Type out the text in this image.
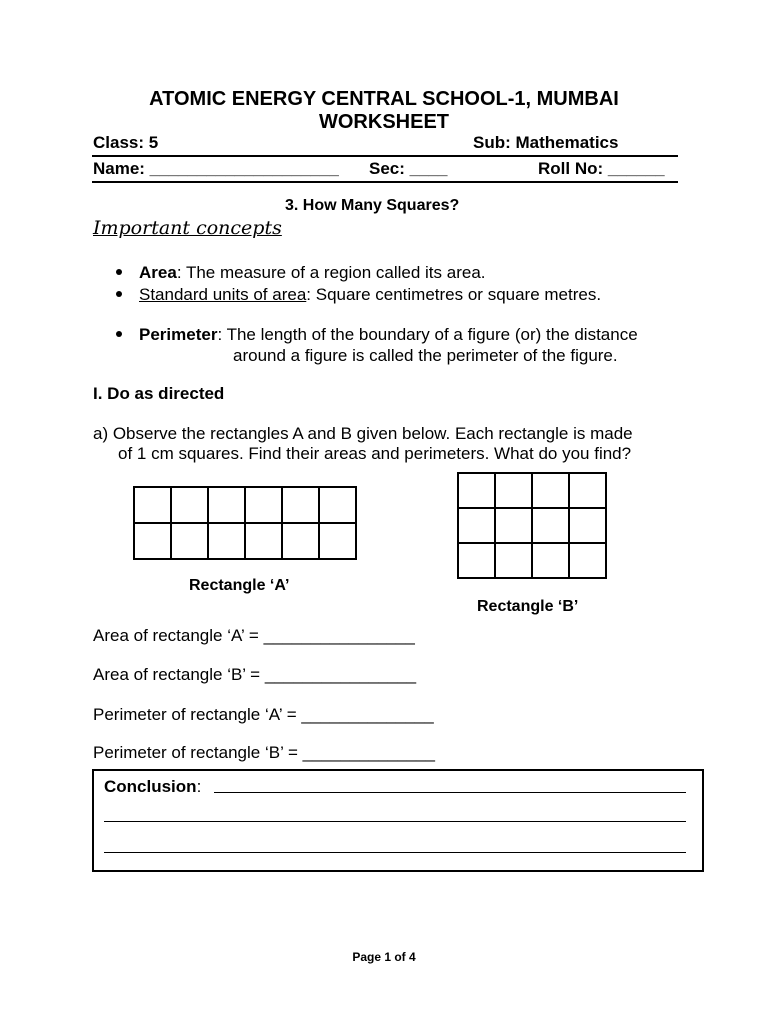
ATOMIC ENERGY CENTRAL SCHOOL-1, MUMBAI
WORKSHEET
Class: 5	Sub: Mathematics
Name: ____________________ Sec: ____	Roll No: ______
3. How Many Squares?
Important concepts
Area: The measure of a region called its area.
Standard units of area: Square centimetres or square metres.
Perimeter: The length of the boundary of a figure (or) the distance
around a figure is called the perimeter of the figure.
I. Do as directed
a) Observe the rectangles A and B given below. Each rectangle is made
of 1 cm squares. Find their areas and perimeters. What do you find?

Rectangle ‘A’

Rectangle ‘B’
Area of rectangle ‘A’ = ________________
Area of rectangle ‘B’ = ________________
Perimeter of rectangle ‘A’ = ______________
Perimeter of rectangle ‘B’ = ______________
Conclusion:
Page 1 of 4
